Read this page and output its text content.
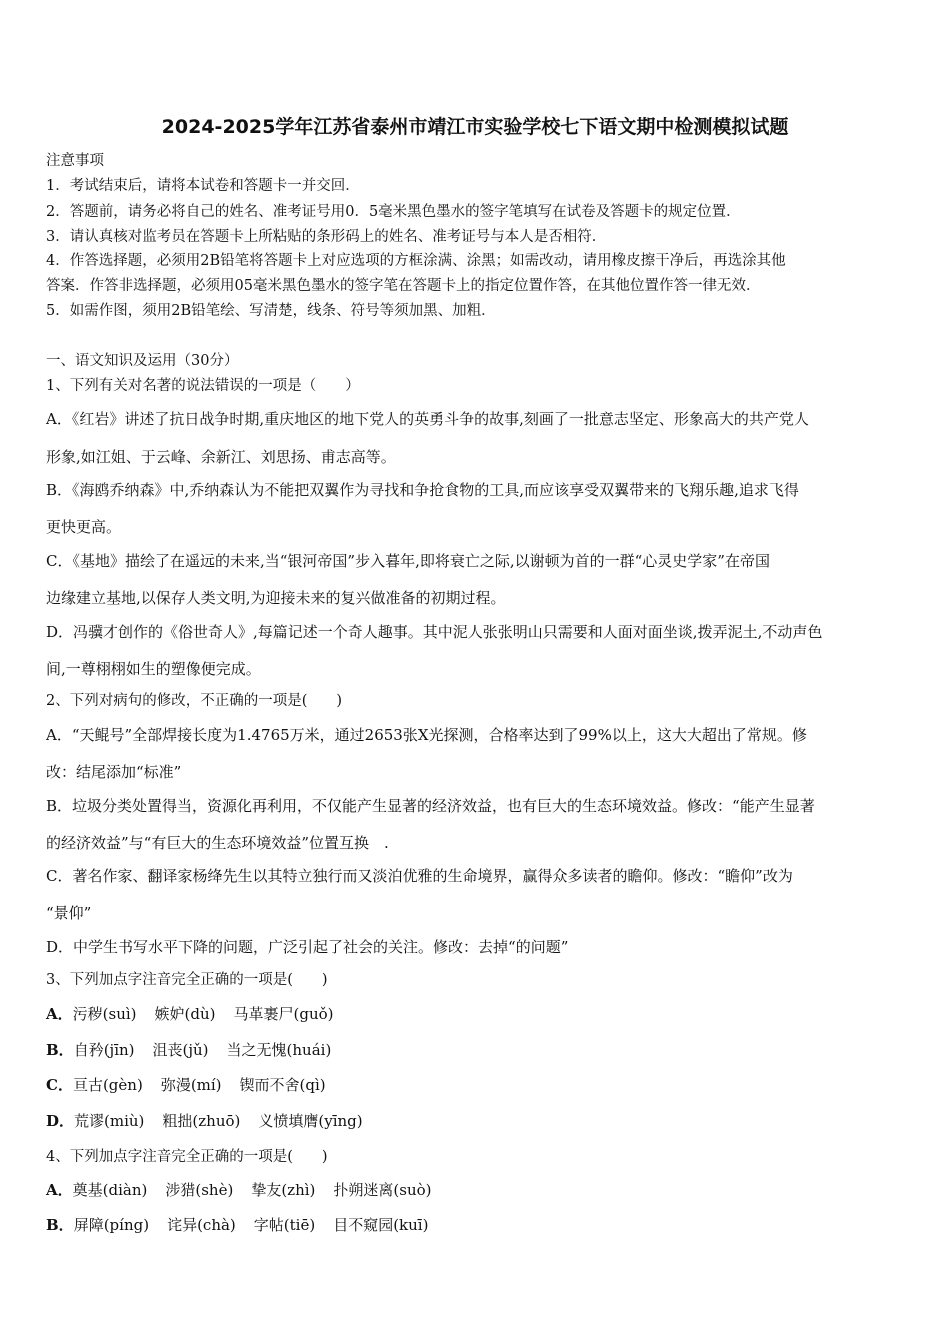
2024-2025学年江苏省泰州市靖江市实验学校七下语文期中检测模拟试题
注意事项
1．考试结束后，请将本试卷和答题卡一并交回．
2．答题前，请务必将自己的姓名、准考证号用0．5毫米黑色墨水的签字笔填写在试卷及答题卡的规定位置．
3．请认真核对监考员在答题卡上所粘贴的条形码上的姓名、准考证号与本人是否相符．
4．作答选择题，必须用2B铅笔将答题卡上对应选项的方框涂满、涂黑；如需改动，请用橡皮擦干净后，再选涂其他
答案．作答非选择题，必须用05毫米黑色墨水的签字笔在答题卡上的指定位置作答，在其他位置作答一律无效．
5．如需作图，须用2B铅笔绘、写清楚，线条、符号等须加黑、加粗．
一、语文知识及运用（30分）
1、下列有关对名著的说法错误的一项是（　　）
A．《红岩》讲述了抗日战争时期,重庆地区的地下党人的英勇斗争的故事,刻画了一批意志坚定、形象高大的共产党人
形象,如江姐、于云峰、余新江、刘思扬、甫志高等。
B．《海鸥乔纳森》中,乔纳森认为不能把双翼作为寻找和争抢食物的工具,而应该享受双翼带来的飞翔乐趣,追求飞得
更快更高。
C．《基地》描绘了在遥远的未来,当“银河帝国”步入暮年,即将衰亡之际,以谢顿为首的一群“心灵史学家”在帝国
边缘建立基地,以保存人类文明,为迎接未来的复兴做准备的初期过程。
D．冯骥才创作的《俗世奇人》,每篇记述一个奇人趣事。其中泥人张张明山只需要和人面对面坐谈,拨弄泥土,不动声色
间,一尊栩栩如生的塑像便完成。
2、下列对病句的修改，不正确的一项是(　　)
A．“天鲲号”全部焊接长度为1.4765万米，通过2653张X光探测，合格率达到了99%以上，这大大超出了常规。修
改：结尾添加“标准”
B．垃圾分类处置得当，资源化再利用，不仅能产生显著的经济效益，也有巨大的生态环境效益。修改：“能产生显著
的经济效益”与“有巨大的生态环境效益”位置互换　.
C．著名作家、翻译家杨绛先生以其特立独行而又淡泊优雅的生命境界，赢得众多读者的瞻仰。修改：“瞻仰”改为
“景仰”
D．中学生书写水平下降的问题，广泛引起了社会的关注。修改：去掉“的问题”
3、下列加点字注音完全正确的一项是(　　)
A．污秽(suì) 嫉妒(dù) 马革裹尸(guǒ)
B．自矜(jīn) 沮丧(jǔ) 当之无愧(huái)
C．亘古(gèn) 弥漫(mí) 锲而不舍(qì)
D．荒谬(miù) 粗拙(zhuō) 义愤填膺(yīng)
4、下列加点字注音完全正确的一项是(　　)
A．奠基(diàn) 涉猎(shè) 挚友(zhì) 扑朔迷离(suò)
B．屏障(píng) 诧异(chà) 字帖(tiē) 目不窥园(kuī)
